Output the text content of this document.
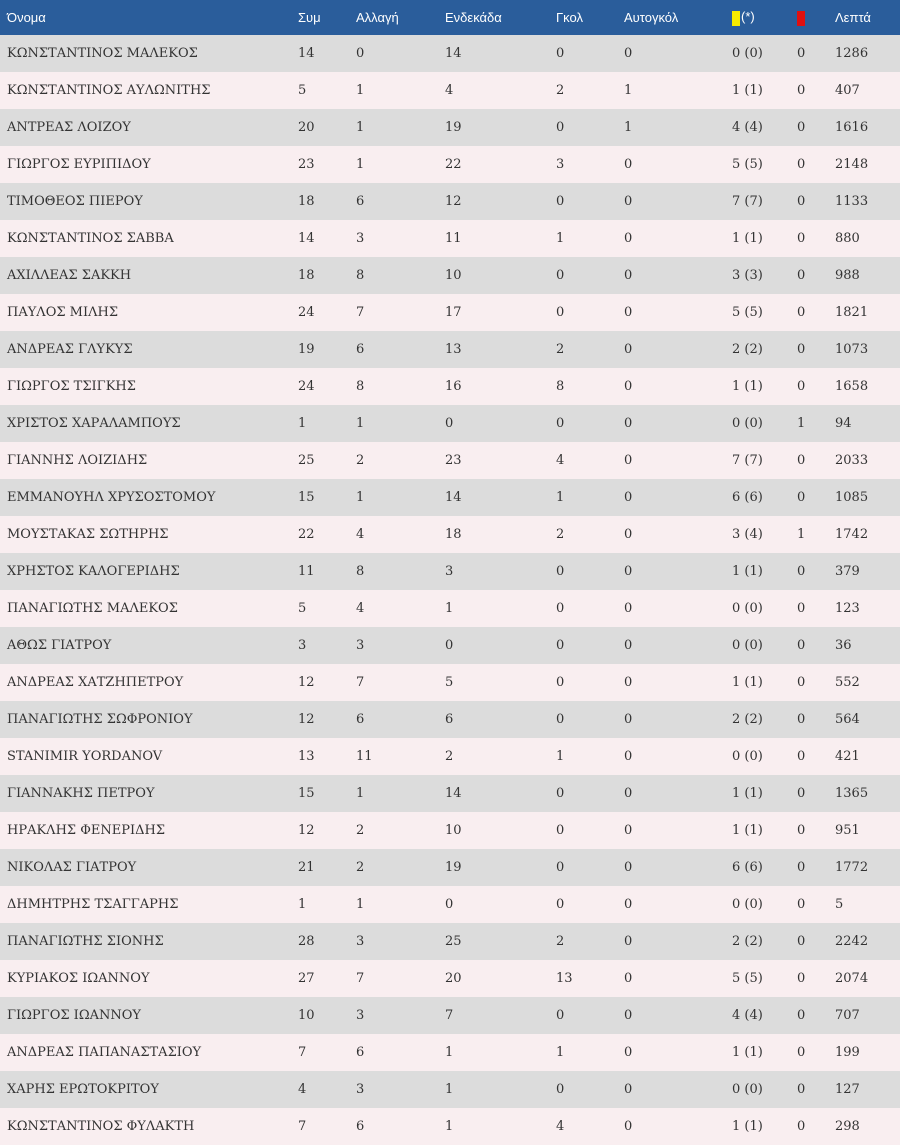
Όνομα	Συμ	Αλλαγή	Ενδεκάδα	Γκολ	Αυτογκόλ	(*)		Λεπτά
ΚΩΝΣΤΑΝΤΙΝΟΣ ΜΑΛΕΚΟΣ	14	0	14	0	0	0 (0)	0	1286
ΚΩΝΣΤΑΝΤΙΝΟΣ ΑΥΛΩΝΙΤΗΣ	5	1	4	2	1	1 (1)	0	407
ΑΝΤΡΕΑΣ ΛΟΙΖΟΥ	20	1	19	0	1	4 (4)	0	1616
ΓΙΩΡΓΟΣ ΕΥΡΙΠΙΔΟΥ	23	1	22	3	0	5 (5)	0	2148
ΤΙΜΟΘΕΟΣ ΠΙΕΡΟΥ	18	6	12	0	0	7 (7)	0	1133
ΚΩΝΣΤΑΝΤΙΝΟΣ ΣΑΒΒΑ	14	3	11	1	0	1 (1)	0	880
ΑΧΙΛΛΕΑΣ ΣΑΚΚΗ	18	8	10	0	0	3 (3)	0	988
ΠΑΥΛΟΣ ΜΙΛΗΣ	24	7	17	0	0	5 (5)	0	1821
ΑΝΔΡΕΑΣ ΓΛΥΚΥΣ	19	6	13	2	0	2 (2)	0	1073
ΓΙΩΡΓΟΣ ΤΣΙΓΚΗΣ	24	8	16	8	0	1 (1)	0	1658
ΧΡΙΣΤΟΣ ΧΑΡΑΛΑΜΠΟΥΣ	1	1	0	0	0	0 (0)	1	94
ΓΙΑΝΝΗΣ ΛΟΙΖΙΔΗΣ	25	2	23	4	0	7 (7)	0	2033
ΕΜΜΑΝΟΥΗΛ ΧΡΥΣΟΣΤΟΜΟΥ	15	1	14	1	0	6 (6)	0	1085
ΜΟΥΣΤΑΚΑΣ ΣΩΤΗΡΗΣ	22	4	18	2	0	3 (4)	1	1742
ΧΡΗΣΤΟΣ ΚΑΛΟΓΕΡΙΔΗΣ	11	8	3	0	0	1 (1)	0	379
ΠΑΝΑΓΙΩΤΗΣ ΜΑΛΕΚΟΣ	5	4	1	0	0	0 (0)	0	123
ΑΘΩΣ ΓΙΑΤΡΟΥ	3	3	0	0	0	0 (0)	0	36
ΑΝΔΡΕΑΣ ΧΑΤΖΗΠΕΤΡΟΥ	12	7	5	0	0	1 (1)	0	552
ΠΑΝΑΓΙΩΤΗΣ ΣΩΦΡΟΝΙΟΥ	12	6	6	0	0	2 (2)	0	564
STANIMIR YORDANOV	13	11	2	1	0	0 (0)	0	421
ΓΙΑΝΝΑΚΗΣ ΠΕΤΡΟΥ	15	1	14	0	0	1 (1)	0	1365
ΗΡΑΚΛΗΣ ΦΕΝΕΡΙΔΗΣ	12	2	10	0	0	1 (1)	0	951
ΝΙΚΟΛΑΣ ΓΙΑΤΡΟΥ	21	2	19	0	0	6 (6)	0	1772
ΔΗΜΗΤΡΗΣ ΤΣΑΓΓΑΡΗΣ	1	1	0	0	0	0 (0)	0	5
ΠΑΝΑΓΙΩΤΗΣ ΣΙΟΝΗΣ	28	3	25	2	0	2 (2)	0	2242
ΚΥΡΙΑΚΟΣ ΙΩΑΝΝΟΥ	27	7	20	13	0	5 (5)	0	2074
ΓΙΩΡΓΟΣ ΙΩΑΝΝΟΥ	10	3	7	0	0	4 (4)	0	707
ΑΝΔΡΕΑΣ ΠΑΠΑΝΑΣΤΑΣΙΟΥ	7	6	1	1	0	1 (1)	0	199
ΧΑΡΗΣ ΕΡΩΤΟΚΡΙΤΟΥ	4	3	1	0	0	0 (0)	0	127
ΚΩΝΣΤΑΝΤΙΝΟΣ ΦΥΛΑΚΤΗ	7	6	1	4	0	1 (1)	0	298
